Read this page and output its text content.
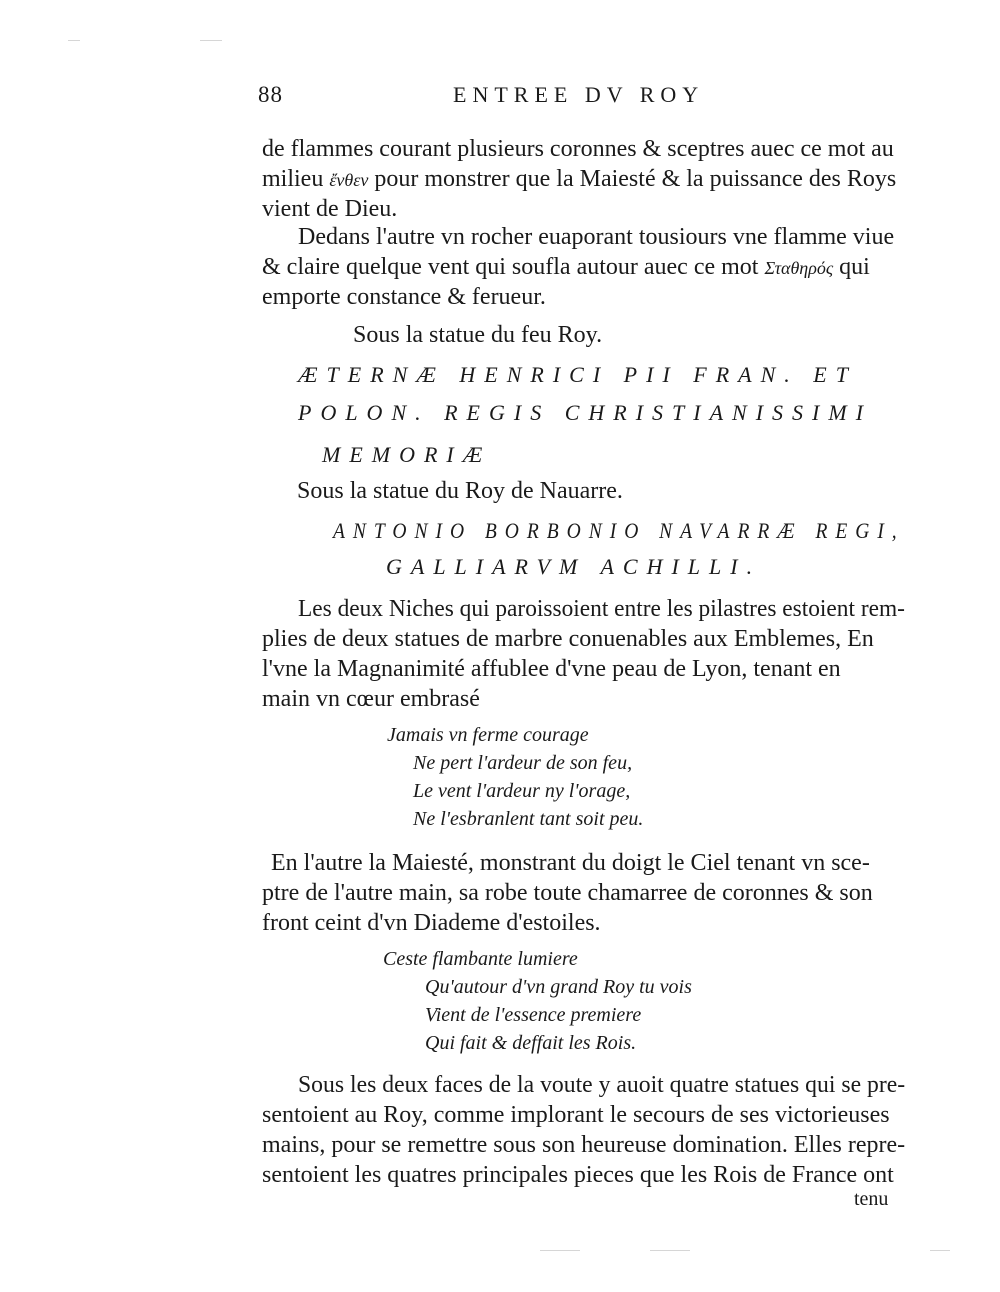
88	ENTREE DV ROY
de flammes courant plusieurs coronnes & sceptres auec ce mot au
milieu ἔνθεν pour monstrer que la Maiesté & la puissance des Roys
vient de Dieu.
Dedans l'autre vn rocher euaporant tousiours vne flamme viue
& claire quelque vent qui soufla autour auec ce mot Σταθηρός qui
emporte constance & ferueur.
Sous la statue du feu Roy.
ÆTERNÆ HENRICI PII FRAN. ET
POLON. REGIS CHRISTIANISSIMI
MEMORIÆ
Sous la statue du Roy de Nauarre.
ANTONIO BORBONIO NAVARRÆ REGI,
GALLIARVM ACHILLI.
Les deux Niches qui paroissoient entre les pilastres estoient rem-
plies de deux statues de marbre conuenables aux Emblemes, En
l'vne la Magnanimité affublee d'vne peau de Lyon, tenant en
main vn cœur embrasé
Jamais vn ferme courage
Ne pert l'ardeur de son feu,
Le vent l'ardeur ny l'orage,
Ne l'esbranlent tant soit peu.
En l'autre la Maiesté, monstrant du doigt le Ciel tenant vn sce-
ptre de l'autre main, sa robe toute chamarree de coronnes & son
front ceint d'vn Diademe d'estoiles.
Ceste flambante lumiere
Qu'autour d'vn grand Roy tu vois
Vient de l'essence premiere
Qui fait & deffait les Rois.
Sous les deux faces de la voute y auoit quatre statues qui se pre-
sentoient au Roy, comme implorant le secours de ses victorieuses
mains, pour se remettre sous son heureuse domination. Elles repre-
sentoient les quatres principales pieces que les Rois de France ont
tenu
